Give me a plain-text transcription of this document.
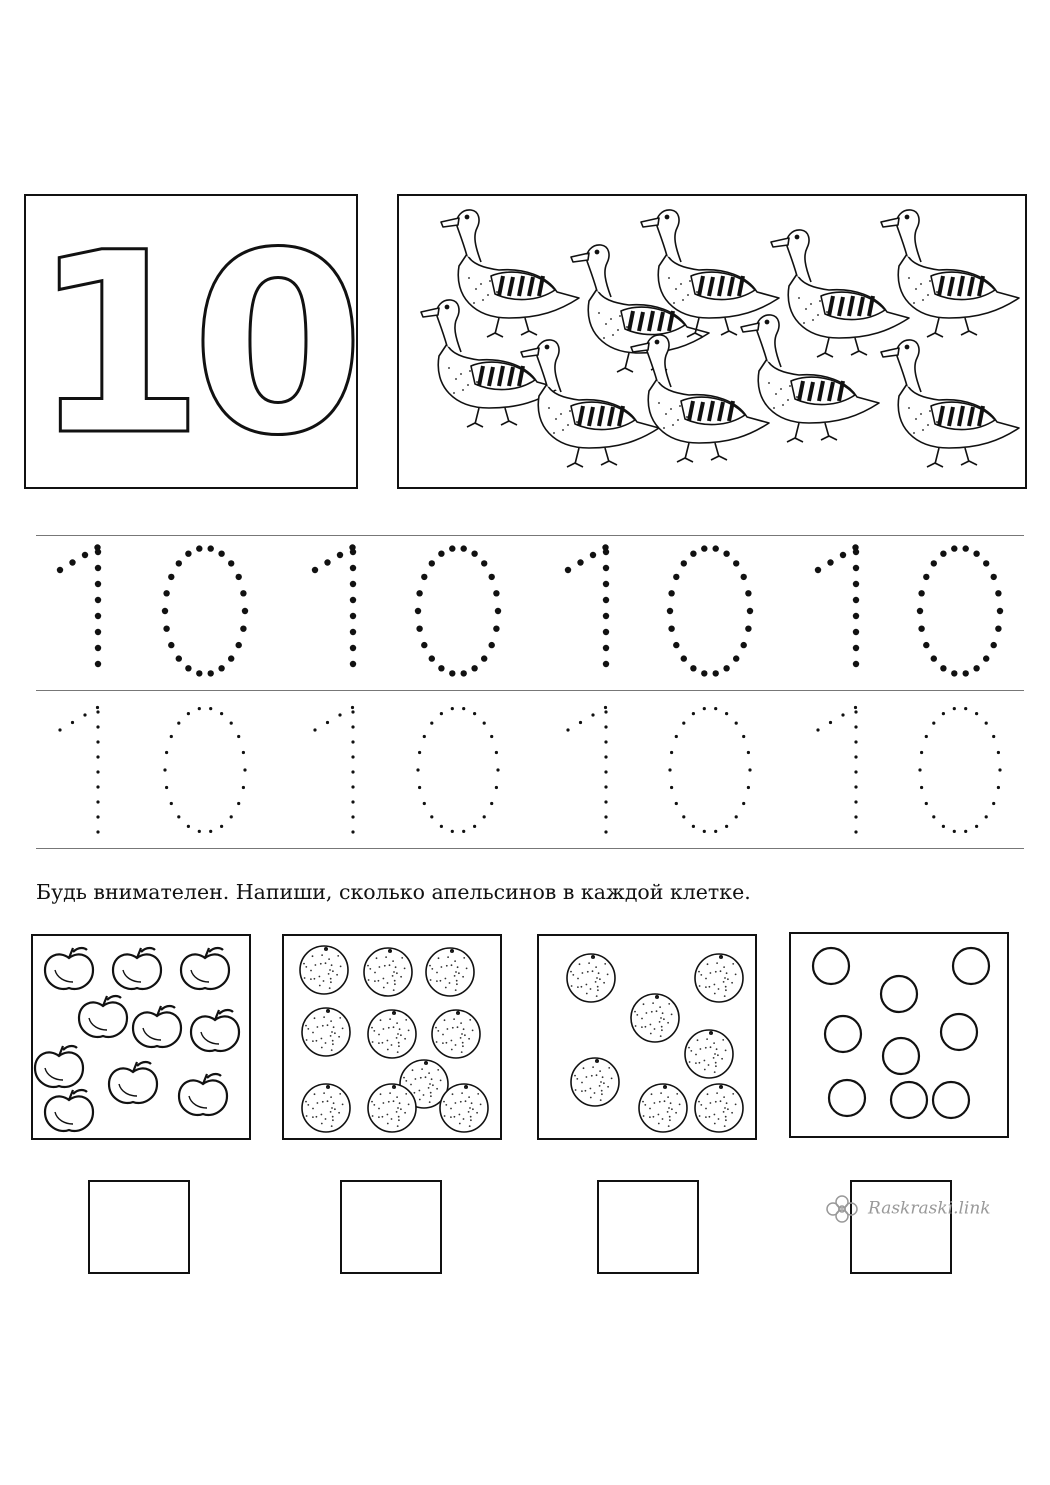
10
Будь внимателен. Напиши, сколько апельсинов в каждой клетке.
Raskraski.link
